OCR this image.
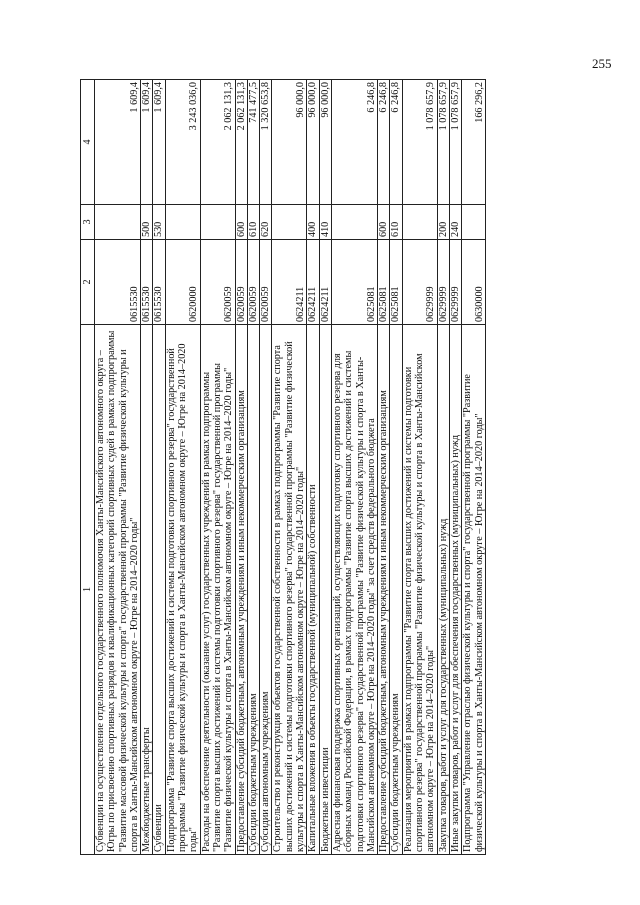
255
1	2	3	4
Субвенции на осуществление отдельного государственного полномочия Ханты-Мансийского автономного округа – Югры по присвоению спортивных разрядов и квалификационных категорий спортивных судей в рамках подпрограммы "Развитие массовой физической культуры и спорта" государственной программы "Развитие физической культуры и спорта в Ханты-Мансийском автономном округе – Югре на 2014–2020 годы"	0615530		1 609,4
Межбюджетные трансферты	0615530	500	1 609,4
Субвенции	0615530	530	1 609,4
Подпрограмма "Развитие спорта высших достижений и системы подготовки спортивного резерва" государственной программы "Развитие физической культуры и спорта в Ханты-Мансийском автономном округе – Югре на 2014–2020 годы"	0620000		3 243 036,0
Расходы на обеспечение деятельности (оказание услуг) государственных учреждений в рамках подпрограммы "Развитие спорта высших достижений и системы подготовки спортивного резерва" государственной программы "Развитие физической культуры и спорта в Ханты-Мансийском автономном округе – Югре на 2014–2020 годы"	0620059		2 062 131,3
Предоставление субсидий бюджетным, автономным учреждениям и иным некоммерческим организациям	0620059	600	2 062 131,3
Субсидии бюджетным учреждениям	0620059	610	741 477,5
Субсидии автономным учреждениям	0620059	620	1 320 653,8
Строительство и реконструкция объектов государственной собственности в рамках подпрограммы "Развитие спорта высших достижений и системы подготовки спортивного резерва" государственной программы "Развитие физической культуры и спорта в Ханты-Мансийском автономном округе – Югре на 2014–2020 годы"	0624211		96 000,0
Капитальные вложения в объекты государственной (муниципальной) собственности	0624211	400	96 000,0
Бюджетные инвестиции	0624211	410	96 000,0
Адресная финансовая поддержка спортивных организаций, осуществляющих подготовку спортивного резерва для сборных команд Российской Федерации, в рамках подпрограммы "Развитие спорта высших достижений и системы подготовки спортивного резерва" государственной программы "Развитие физической культуры и спорта в Ханты-Мансийском автономном округе – Югре на 2014–2020 годы" за счет средств федерального бюджета	0625081		6 246,8
Предоставление субсидий бюджетным, автономным учреждениям и иным некоммерческим организациям	0625081	600	6 246,8
Субсидии бюджетным учреждениям	0625081	610	6 246,8
Реализация мероприятий в рамках подпрограммы "Развитие спорта высших достижений и системы подготовки спортивного резерва" государственной программы "Развитие физической культуры и спорта в Ханты-Мансийском автономном округе – Югре на 2014–2020 годы"	0629999		1 078 657,9
Закупка товаров, работ и услуг для государственных (муниципальных) нужд	0629999	200	1 078 657,9
Иные закупки товаров, работ и услуг для обеспечения государственных (муниципальных) нужд	0629999	240	1 078 657,9
Подпрограмма "Управление отраслью физической культуры и спорта" государственной программы "Развитие физической культуры и спорта в Ханты-Мансийском автономном округе – Югре на 2014–2020 годы"	0630000		166 296,2
